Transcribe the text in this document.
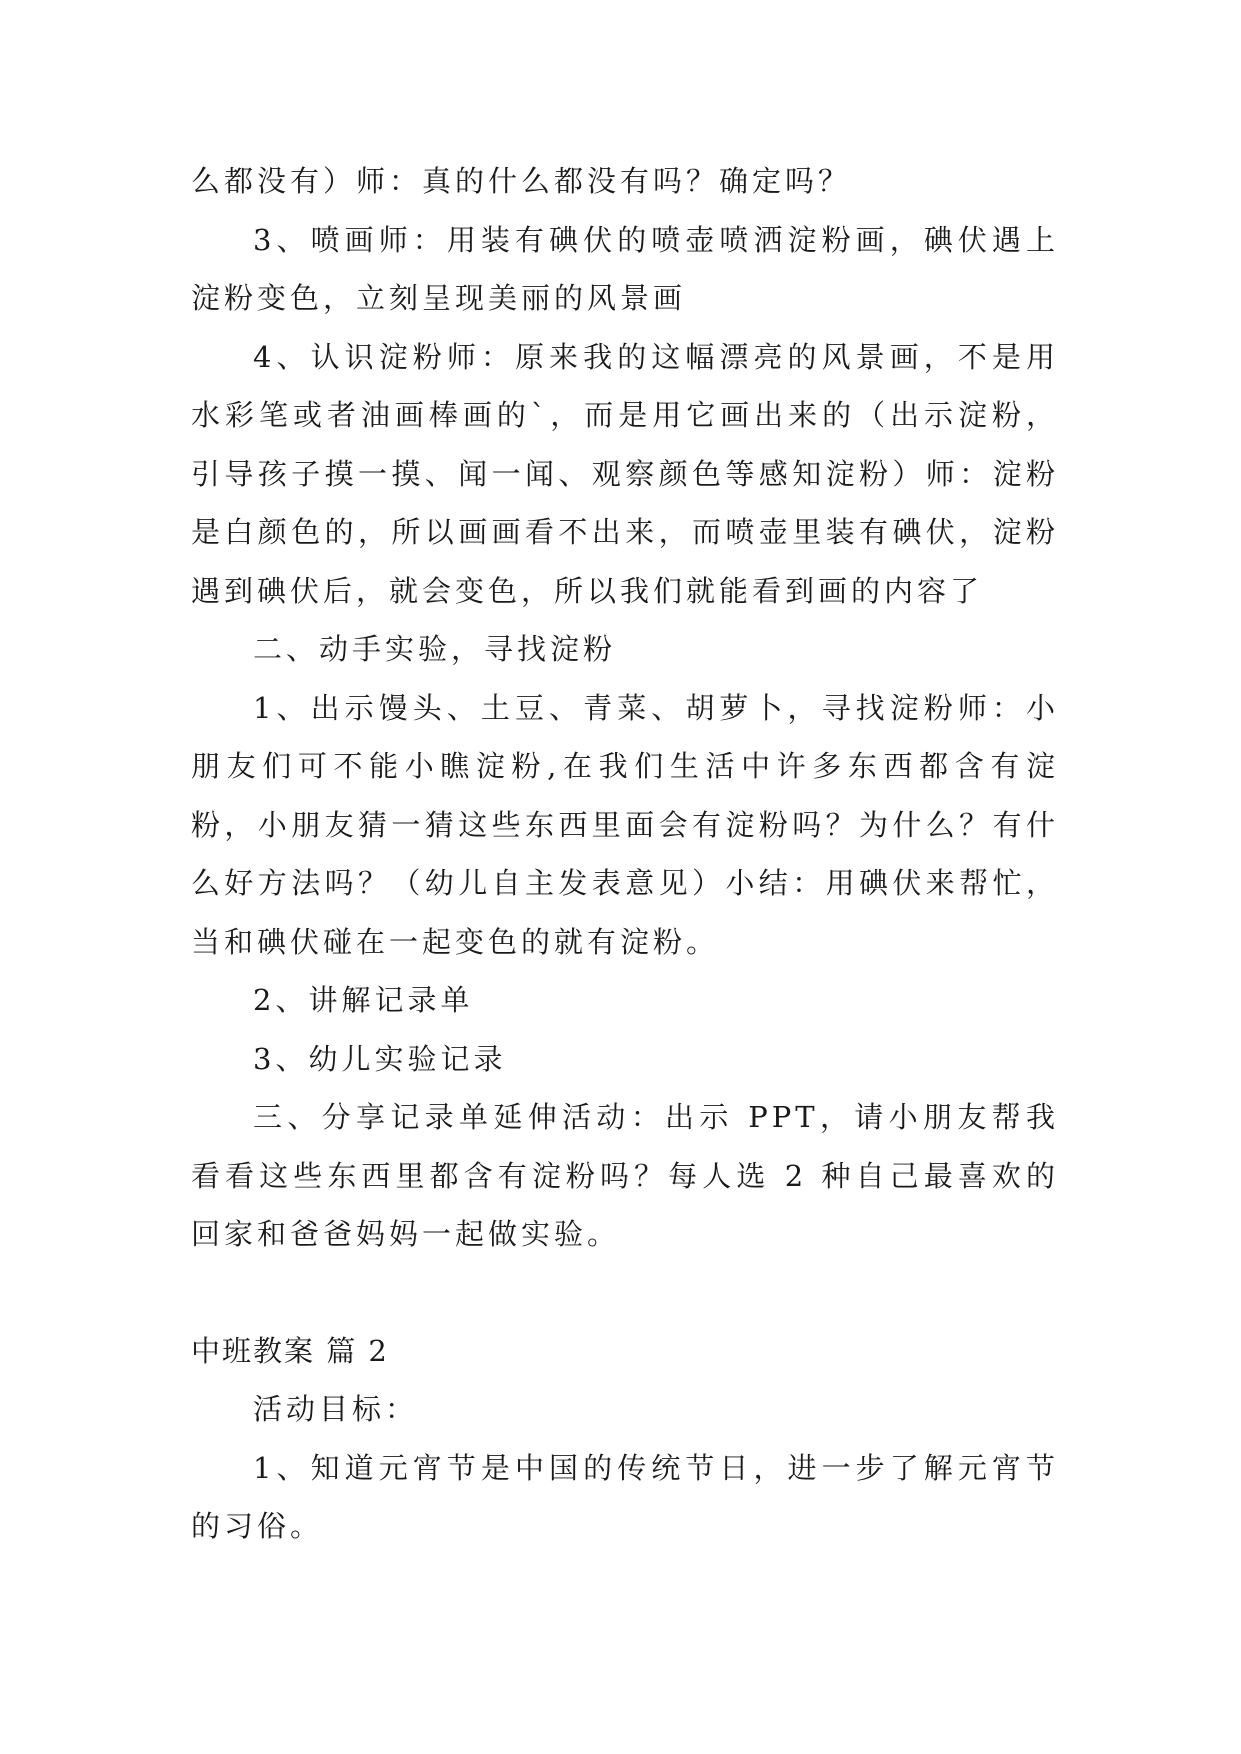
么都没有）师：真的什么都没有吗？确定吗？

3、喷画师：用装有碘伏的喷壶喷洒淀粉画，碘伏遇上淀粉变色，立刻呈现美丽的风景画

4、认识淀粉师：原来我的这幅漂亮的风景画，不是用水彩笔或者油画棒画的`，而是用它画出来的（出示淀粉，引导孩子摸一摸、闻一闻、观察颜色等感知淀粉）师：淀粉是白颜色的，所以画画看不出来，而喷壶里装有碘伏，淀粉遇到碘伏后，就会变色，所以我们就能看到画的内容了

二、动手实验，寻找淀粉

1、出示馒头、土豆、青菜、胡萝卜，寻找淀粉师：小朋友们可不能小瞧淀粉,在我们生活中许多东西都含有淀粉，小朋友猜一猜这些东西里面会有淀粉吗？为什么？有什么好方法吗？（幼儿自主发表意见）小结：用碘伏来帮忙，当和碘伏碰在一起变色的就有淀粉。

2、讲解记录单

3、幼儿实验记录

三、分享记录单延伸活动：出示 PPT，请小朋友帮我看看这些东西里都含有淀粉吗？每人选 2 种自己最喜欢的回家和爸爸妈妈一起做实验。

中班教案 篇 2

活动目标：

1、知道元宵节是中国的传统节日，进一步了解元宵节的习俗。
